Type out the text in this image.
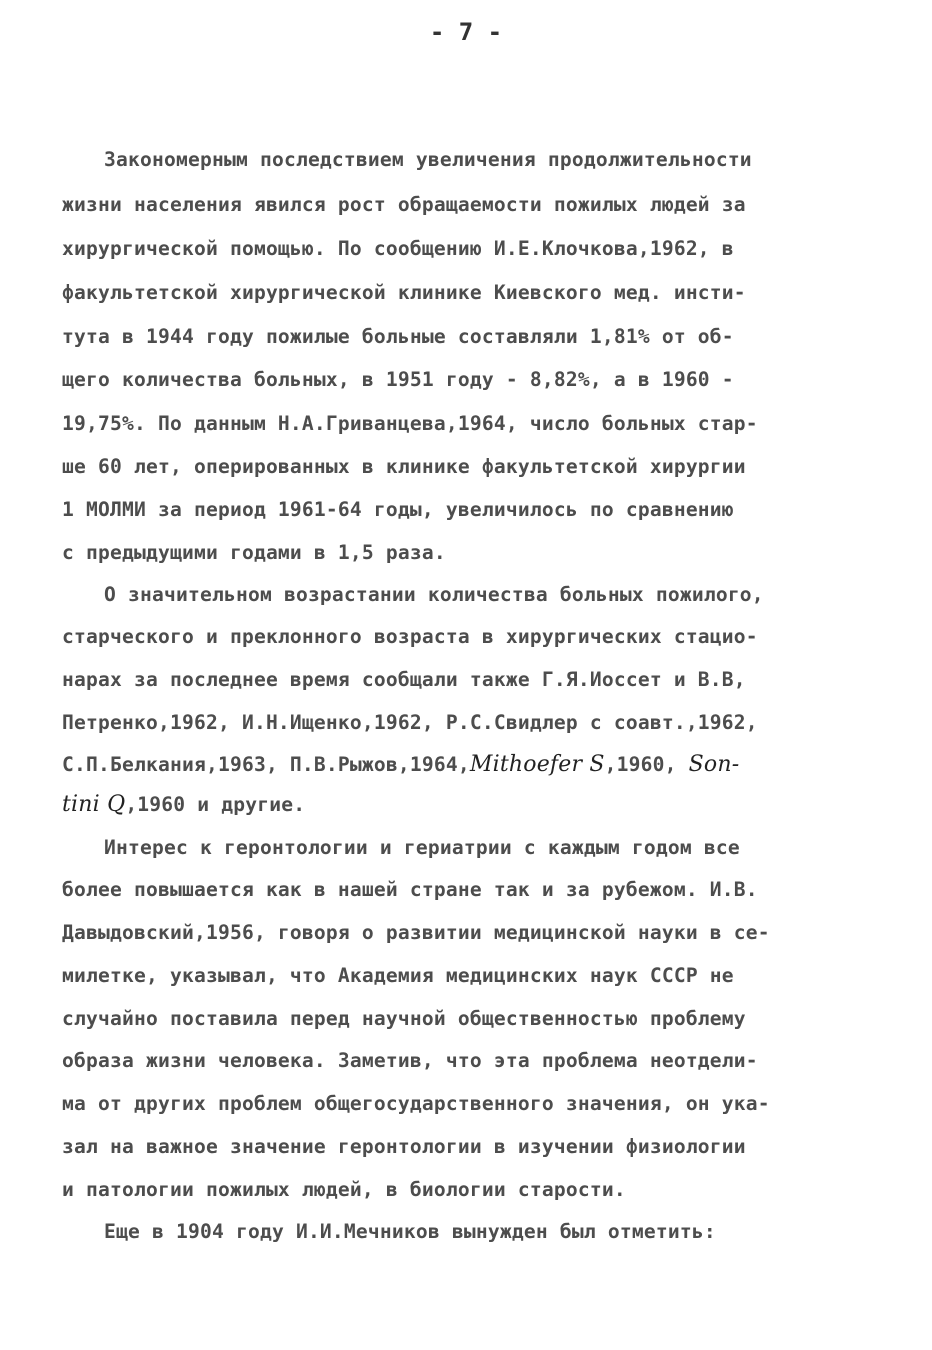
- 7 -
Закономерным последствием увеличения продолжительности
жизни населения явился рост обращаемости пожилых людей за
хирургической помощью. По сообщению И.Е.Клочкова,1962, в
факультетской хирургической клинике Киевского мед. инсти-
тута в 1944 году пожилые больные составляли 1,81% от об-
щего количества больных, в 1951 году - 8,82%, а в 1960 -
19,75%. По данным Н.А.Гриванцева,1964, число больных стар-
ше 60 лет, оперированных в клинике факультетской хирургии
1 МОЛМИ за период 1961-64 годы, увеличилось по сравнению
с предыдущими годами в 1,5 раза.
О значительном возрастании количества больных пожилого,
старческого и преклонного возраста в хирургических стацио-
нарах за последнее время сообщали также Г.Я.Иоссет и В.В,
Петренко,1962, И.Н.Ищенко,1962, Р.С.Свидлер с соавт.,1962,
С.П.Белкания,1963, П.В.Рыжов,1964,Mithoefer S,1960, Son-
tini Q,1960 и другие.
Интерес к геронтологии и гериатрии с каждым годом все
более повышается как в нашей стране так и за рубежом. И.В.
Давыдовский,1956, говоря о развитии медицинской науки в се-
милетке, указывал, что Академия медицинских наук СССР не
случайно поставила перед научной общественностью проблему
образа жизни человека. Заметив, что эта проблема неотдели-
ма от других проблем общегосударственного значения, он ука-
зал на важное значение геронтологии в изучении физиологии
и патологии пожилых людей, в биологии старости.
Еще в 1904 году И.И.Мечников вынужден был отметить:
